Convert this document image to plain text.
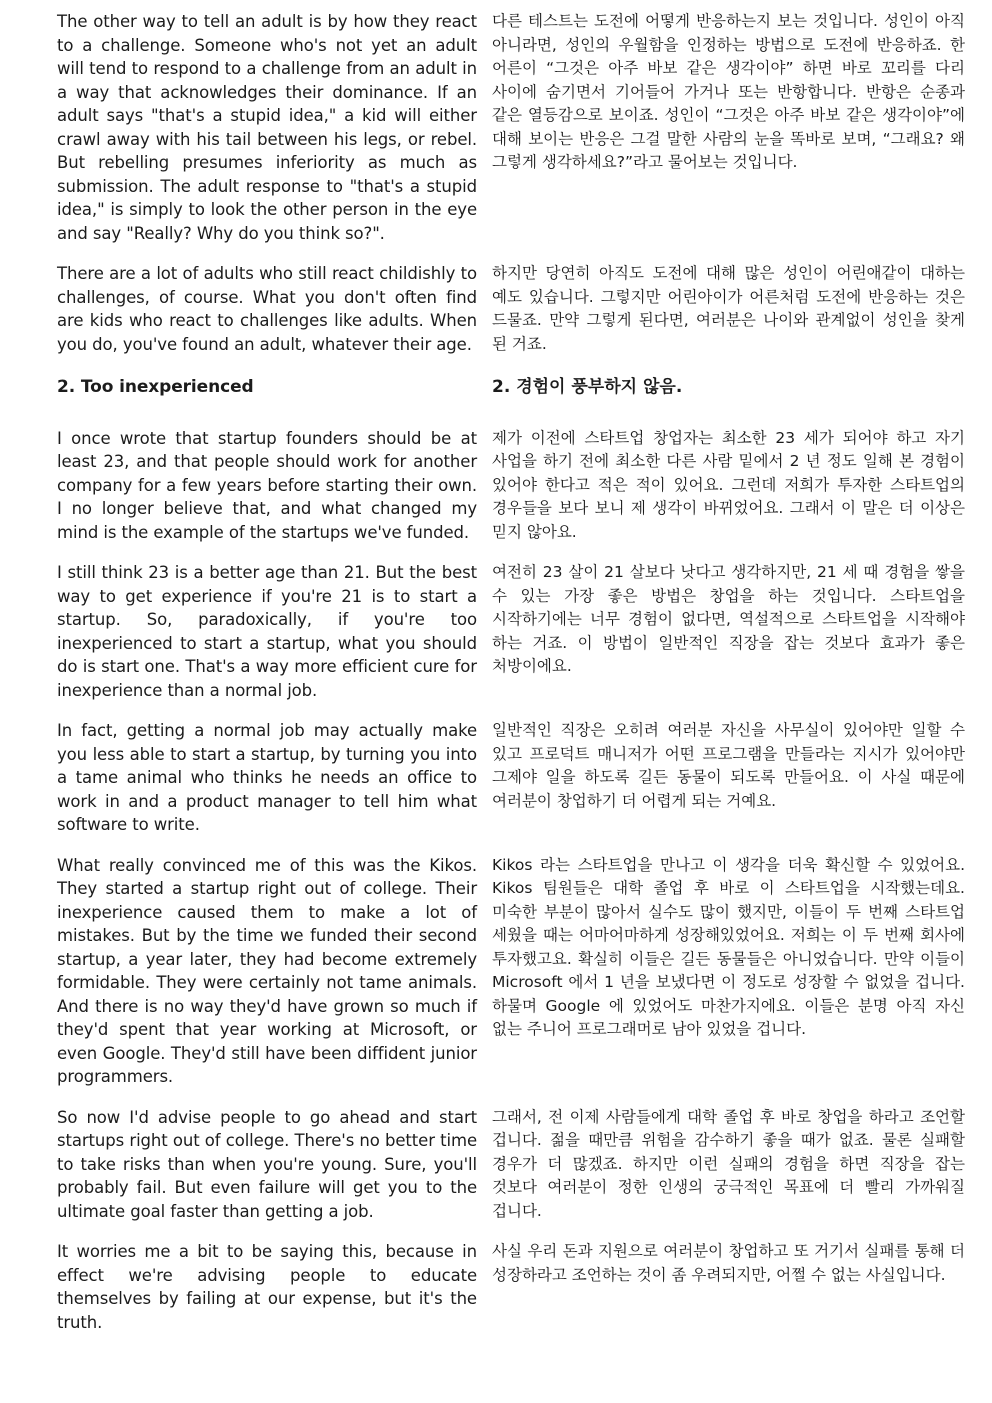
The other way to tell an adult is by how they react to a challenge. Someone who's not yet an adult will tend to respond to a challenge from an adult in a way that acknowledges their dominance. If an adult says "that's a stupid idea," a kid will either crawl away with his tail between his legs, or rebel. But rebelling presumes inferiority as much as submission. The adult response to "that's a stupid idea," is simply to look the other person in the eye and say "Really? Why do you think so?".

다른 테스트는 도전에 어떻게 반응하는지 보는 것입니다. 성인이 아직 아니라면, 성인의 우월함을 인정하는 방법으로 도전에 반응하죠. 한 어른이 “그것은 아주 바보 같은 생각이야” 하면 바로 꼬리를 다리 사이에 숨기면서 기어들어 가거나 또는 반항합니다. 반항은 순종과 같은 열등감으로 보이죠. 성인이 “그것은 아주 바보 같은 생각이야”에 대해 보이는 반응은 그걸 말한 사람의 눈을 똑바로 보며, “그래요? 왜 그렇게 생각하세요?”라고 물어보는 것입니다.

There are a lot of adults who still react childishly to challenges, of course. What you don't often find are kids who react to challenges like adults. When you do, you've found an adult, whatever their age.

하지만 당연히 아직도 도전에 대해 많은 성인이 어린애같이 대하는 예도 있습니다. 그렇지만 어린아이가 어른처럼 도전에 반응하는 것은 드물죠. 만약 그렇게 된다면, 여러분은 나이와 관계없이 성인을 찾게 된 거죠.

2. Too inexperienced	2. 경험이 풍부하지 않음.

I once wrote that startup founders should be at least 23, and that people should work for another company for a few years before starting their own. I no longer believe that, and what changed my mind is the example of the startups we've funded.

제가 이전에 스타트업 창업자는 최소한 23 세가 되어야 하고 자기 사업을 하기 전에 최소한 다른 사람 밑에서 2 년 정도 일해 본 경험이 있어야 한다고 적은 적이 있어요. 그런데 저희가 투자한 스타트업의 경우들을 보다 보니 제 생각이 바뀌었어요. 그래서 이 말은 더 이상은 믿지 않아요.

I still think 23 is a better age than 21. But the best way to get experience if you're 21 is to start a startup. So, paradoxically, if you're too inexperienced to start a startup, what you should do is start one. That's a way more efficient cure for inexperience than a normal job.

여전히 23 살이 21 살보다 낫다고 생각하지만, 21 세 때 경험을 쌓을 수 있는 가장 좋은 방법은 창업을 하는 것입니다. 스타트업을 시작하기에는 너무 경험이 없다면, 역설적으로 스타트업을 시작해야 하는 거죠. 이 방법이 일반적인 직장을 잡는 것보다 효과가 좋은 처방이에요.

In fact, getting a normal job may actually make you less able to start a startup, by turning you into a tame animal who thinks he needs an office to work in and a product manager to tell him what software to write.

일반적인 직장은 오히려 여러분 자신을 사무실이 있어야만 일할 수 있고 프로덕트 매니저가 어떤 프로그램을 만들라는 지시가 있어야만 그제야 일을 하도록 길든 동물이 되도록 만들어요. 이 사실 때문에 여러분이 창업하기 더 어렵게 되는 거예요.

What really convinced me of this was the Kikos. They started a startup right out of college. Their inexperience caused them to make a lot of mistakes. But by the time we funded their second startup, a year later, they had become extremely formidable. They were certainly not tame animals. And there is no way they'd have grown so much if they'd spent that year working at Microsoft, or even Google. They'd still have been diffident junior programmers.

Kikos 라는 스타트업을 만나고 이 생각을 더욱 확신할 수 있었어요. Kikos 팀원들은 대학 졸업 후 바로 이 스타트업을 시작했는데요. 미숙한 부분이 많아서 실수도 많이 했지만, 이들이 두 번째 스타트업 세웠을 때는 어마어마하게 성장해있었어요. 저희는 이 두 번째 회사에 투자했고요. 확실히 이들은 길든 동물들은 아니었습니다. 만약 이들이 Microsoft 에서 1 년을 보냈다면 이 정도로 성장할 수 없었을 겁니다. 하물며 Google 에 있었어도 마찬가지에요. 이들은 분명 아직 자신 없는 주니어 프로그래머로 남아 있었을 겁니다.

So now I'd advise people to go ahead and start startups right out of college. There's no better time to take risks than when you're young. Sure, you'll probably fail. But even failure will get you to the ultimate goal faster than getting a job.

그래서, 전 이제 사람들에게 대학 졸업 후 바로 창업을 하라고 조언할 겁니다. 젊을 때만큼 위험을 감수하기 좋을 때가 없죠. 물론 실패할 경우가 더 많겠죠. 하지만 이런 실패의 경험을 하면 직장을 잡는 것보다 여러분이 정한 인생의 궁극적인 목표에 더 빨리 가까워질 겁니다.

It worries me a bit to be saying this, because in effect we're advising people to educate themselves by failing at our expense, but it's the truth.

사실 우리 돈과 지원으로 여러분이 창업하고 또 거기서 실패를 통해 더 성장하라고 조언하는 것이 좀 우려되지만, 어쩔 수 없는 사실입니다.
